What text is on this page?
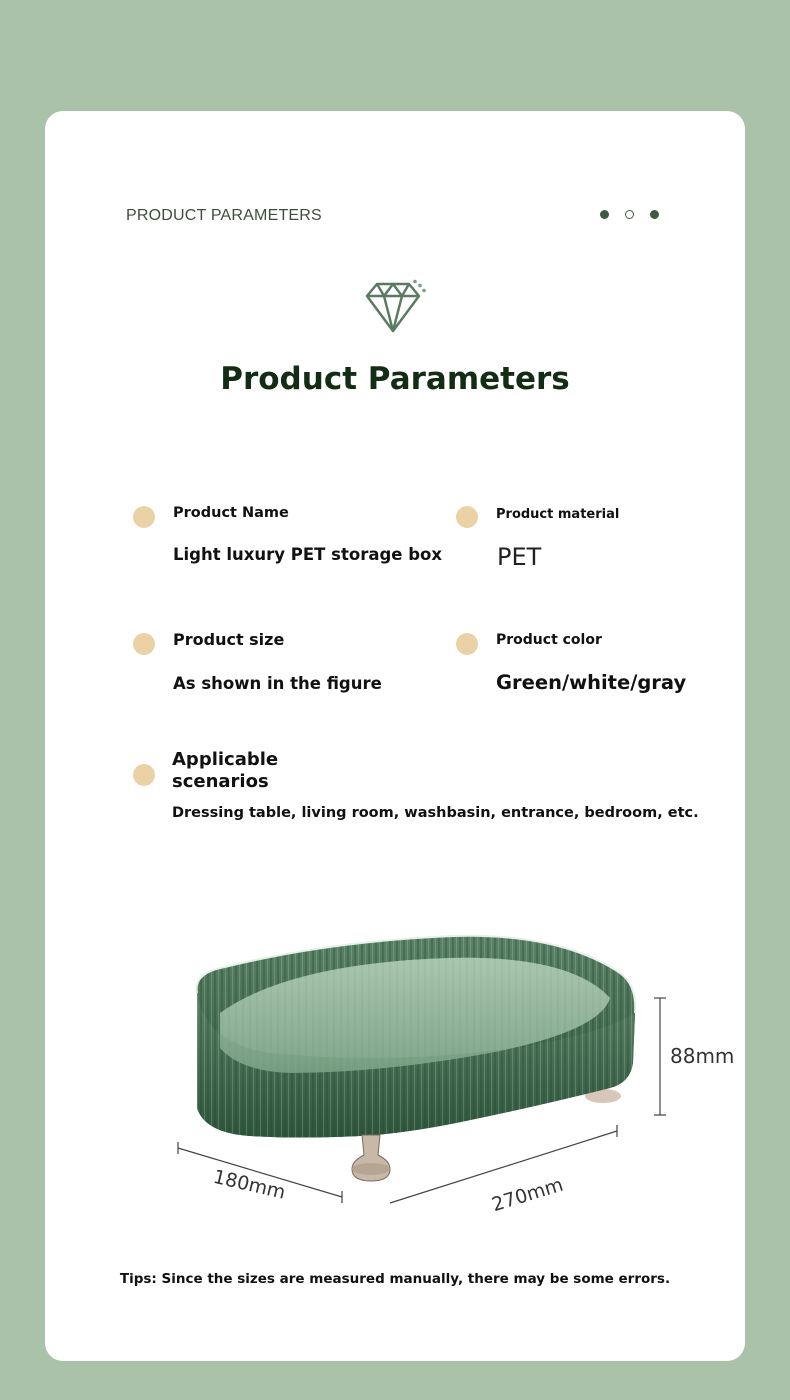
PRODUCT PARAMETERS
Product Parameters
Product Name
Light luxury PET storage box
Product material
PET
Product size
As shown in the figure
Product color
Green/white/gray
Applicable
scenarios
Dressing table, living room, washbasin, entrance, bedroom, etc.
88mm
180mm	270mm
Tips: Since the sizes are measured manually, there may be some errors.
